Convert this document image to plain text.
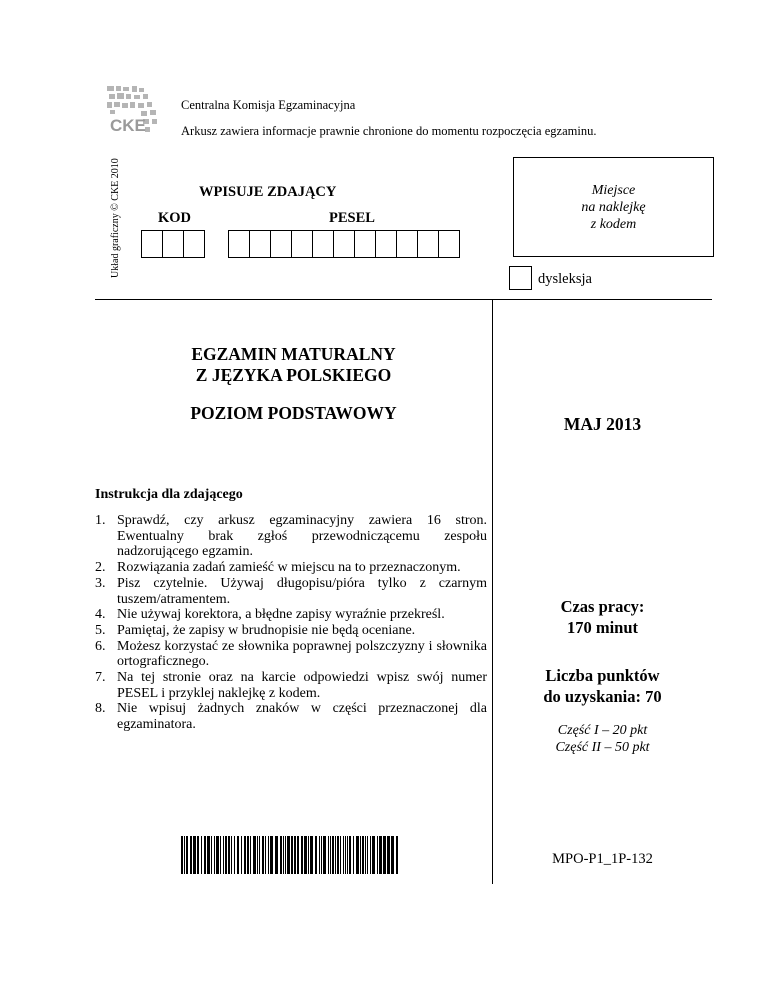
CKE
Centralna Komisja Egzaminacyjna
Arkusz zawiera informacje prawnie chronione do momentu rozpoczęcia egzaminu.
Układ graficzny © CKE 2010	WPISUJE ZDAJĄCY
KOD	PESEL
Miejsce
na naklejkę
z kodem
dysleksja
EGZAMIN MATURALNY
Z JĘZYKA POLSKIEGO
POZIOM PODSTAWOWY
MAJ 2013
Instrukcja dla zdającego
1. Sprawdź, czy arkusz egzaminacyjny zawiera 16 stron. Ewentualny brak zgłoś przewodniczącemu zespołu nadzorującego egzamin.
2. Rozwiązania zadań zamieść w miejscu na to przeznaczonym.
3. Pisz czytelnie. Używaj długopisu/pióra tylko z czarnym tuszem/atramentem.
4. Nie używaj korektora, a błędne zapisy wyraźnie przekreśl.
5. Pamiętaj, że zapisy w brudnopisie nie będą oceniane.
6. Możesz korzystać ze słownika poprawnej polszczyzny i słownika ortograficznego.
7. Na tej stronie oraz na karcie odpowiedzi wpisz swój numer PESEL i przyklej naklejkę z kodem.
8. Nie wpisuj żadnych znaków w części przeznaczonej dla egzaminatora.
Czas pracy:
170 minut
Liczba punktów
do uzyskania: 70
Część I – 20 pkt
Część II – 50 pkt
MPO-P1_1P-132
